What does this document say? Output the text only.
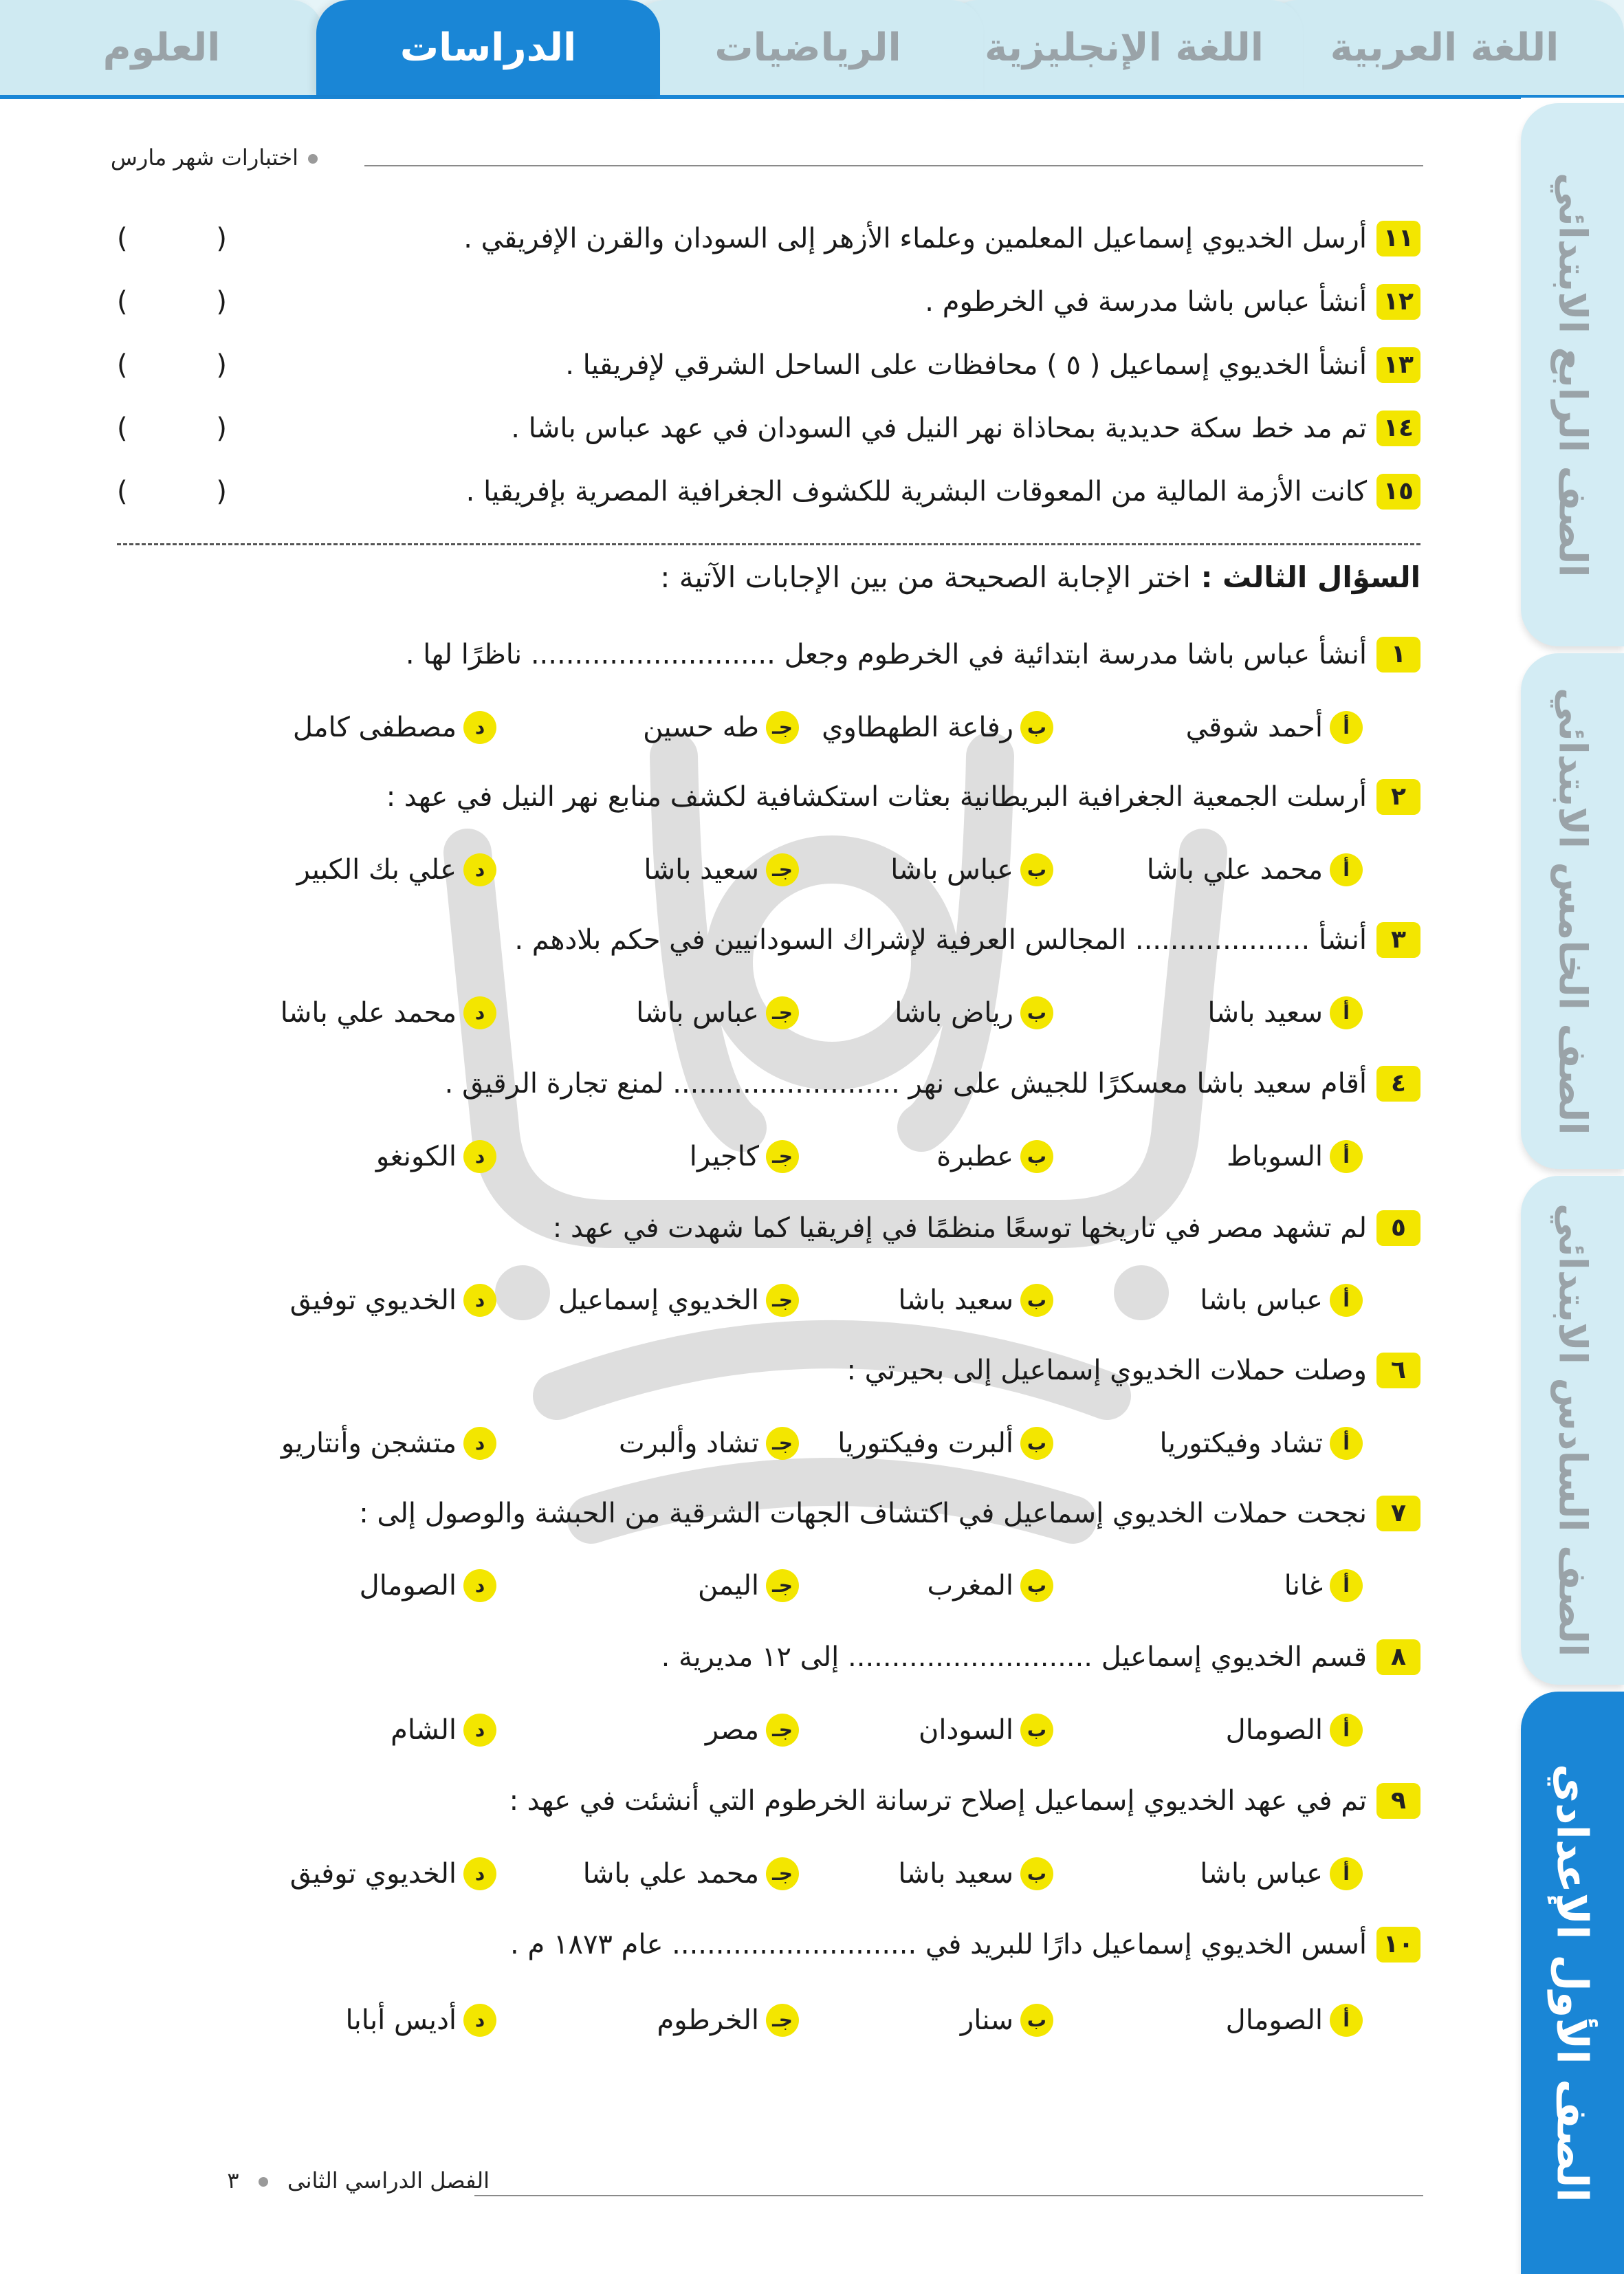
اللغة العربية
اللغة الإنجليزية
الرياضيات
الدراسات
العلوم
الصف الرابع الابتدائي
الصف الخامس الابتدائي
الصف السادس الابتدائي
الصف الأول الإعدادي
اختبارات شهر مارس
١١
أرسل الخديوي إسماعيل المعلمين وعلماء الأزهر إلى السودان والقرن الإفريقي .
(
)
١٢
أنشأ عباس باشا مدرسة في الخرطوم .
(
)
١٣
أنشأ الخديوي إسماعيل ( ٥ ) محافظات على الساحل الشرقي لإفريقيا .
(
)
١٤
تم مد خط سكة حديدية بمحاذاة نهر النيل في السودان في عهد عباس باشا .
(
)
١٥
كانت الأزمة المالية من المعوقات البشرية للكشوف الجغرافية المصرية بإفريقيا .
(
)
السؤال الثالث : اختر الإجابة الصحيحة من بين الإجابات الآتية :
١
أنشأ عباس باشا مدرسة ابتدائية في الخرطوم وجعل ............................ ناظرًا لها .
أ
أحمد شوقي
ب
رفاعة الطهطاوي
جـ
طه حسين
د
مصطفى كامل
٢
أرسلت الجمعية الجغرافية البريطانية بعثات استكشافية لكشف منابع نهر النيل في عهد :
أ
محمد علي باشا
ب
عباس باشا
جـ
سعيد باشا
د
علي بك الكبير
٣
أنشأ .................... المجالس العرفية لإشراك السودانيين في حكم بلادهم .
أ
سعيد باشا
ب
رياض باشا
جـ
عباس باشا
د
محمد علي باشا
٤
أقام سعيد باشا معسكرًا للجيش على نهر .......................... لمنع تجارة الرقيق .
أ
السوباط
ب
عطبرة
جـ
كاجيرا
د
الكونغو
٥
لم تشهد مصر في تاريخها توسعًا منظمًا في إفريقيا كما شهدت في عهد :
أ
عباس باشا
ب
سعيد باشا
جـ
الخديوي إسماعيل
د
الخديوي توفيق
٦
وصلت حملات الخديوي إسماعيل إلى بحيرتي :
أ
تشاد وفيكتوريا
ب
ألبرت وفيكتوريا
جـ
تشاد وألبرت
د
متشجن وأنتاريو
٧
نجحت حملات الخديوي إسماعيل في اكتشاف الجهات الشرقية من الحبشة والوصول إلى :
أ
غانا
ب
المغرب
جـ
اليمن
د
الصومال
٨
قسم الخديوي إسماعيل ............................ إلى ١٢ مديرية .
أ
الصومال
ب
السودان
جـ
مصر
د
الشام
٩
تم في عهد الخديوي إسماعيل إصلاح ترسانة الخرطوم التي أنشئت في عهد :
أ
عباس باشا
ب
سعيد باشا
جـ
محمد علي باشا
د
الخديوي توفيق
١٠
أسس الخديوي إسماعيل دارًا للبريد في ............................ عام ١٨٧٣ م .
أ
الصومال
ب
سنار
جـ
الخرطوم
د
أديس أبابا
الفصل الدراسي الثانى  ٣
